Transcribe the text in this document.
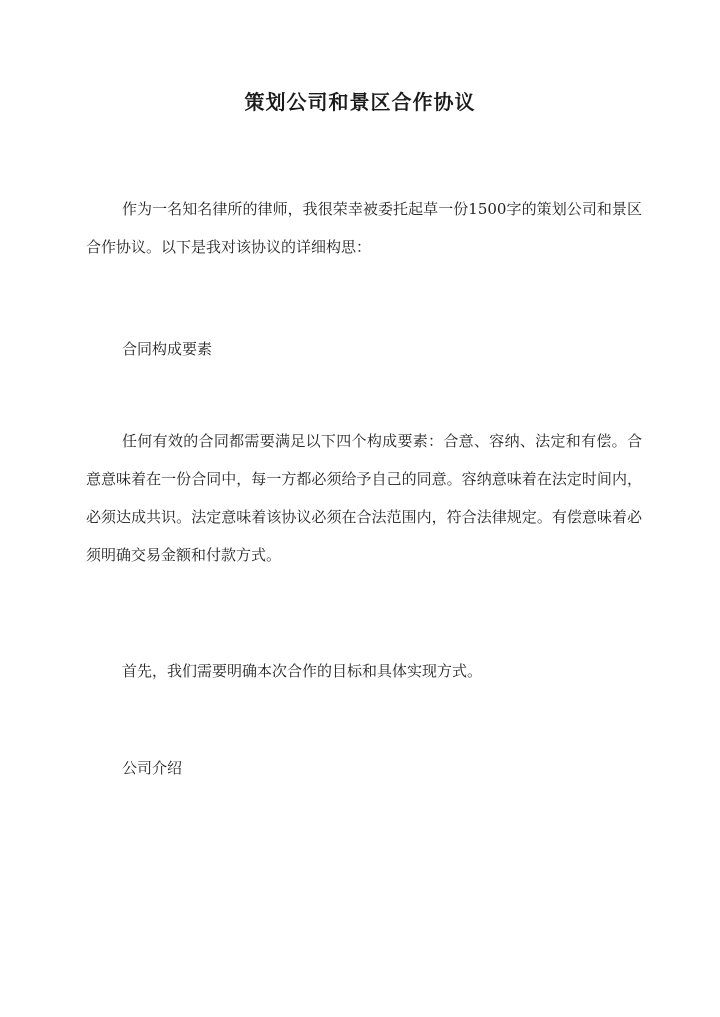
策划公司和景区合作协议

作为一名知名律所的律师，我很荣幸被委托起草一份1500字的策划公司和景区合作协议。以下是我对该协议的详细构思：

合同构成要素

任何有效的合同都需要满足以下四个构成要素：合意、容纳、法定和有偿。合意意味着在一份合同中，每一方都必须给予自己的同意。容纳意味着在法定时间内，必须达成共识。法定意味着该协议必须在合法范围内，符合法律规定。有偿意味着必须明确交易金额和付款方式。

首先，我们需要明确本次合作的目标和具体实现方式。

公司介绍
